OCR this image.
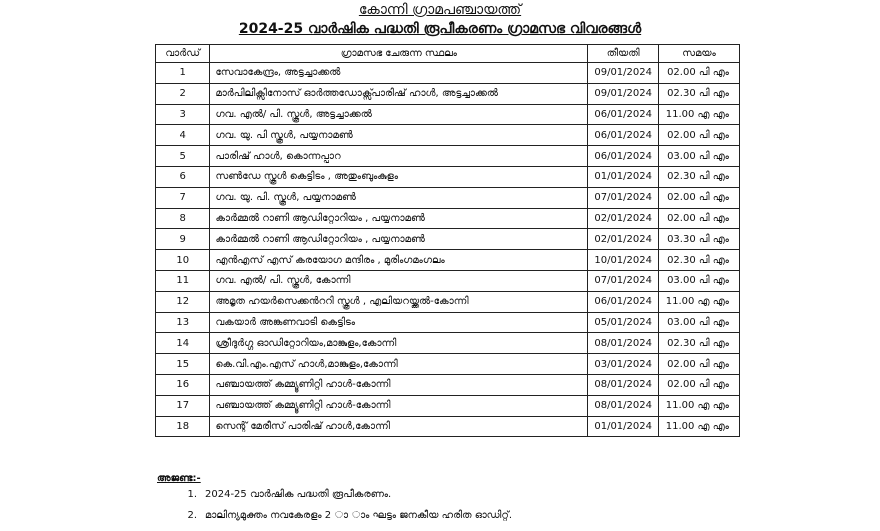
കോന്നി ഗ്രാമപഞ്ചായത്ത്
2024-25 വാർഷിക പദ്ധതി രൂപീകരണം ഗ്രാമസഭ വിവരങ്ങൾ
വാർഡ്	ഗ്രാമസഭ ചേരുന്ന സ്ഥലം	തീയതി	സമയം
1	സേവാകേന്ദ്രം, അട്ടച്ചാക്കൽ	09/01/2024	02.00 പി എം
2	മാർപിലിക്സിനോസ് ഓർത്തഡോക്സ്പാരിഷ് ഹാൾ, അട്ടച്ചാക്കൽ	09/01/2024	02.30 പി എം
3	ഗവ. എൽ/ പി. സ്കൂൾ, അട്ടച്ചാക്കൽ	06/01/2024	11.00 എ എം
4	ഗവ. യു. പി സ്കൂൾ, പയ്യനാമൺ	06/01/2024	02.00 പി എം
5	പാരിഷ് ഹാൾ, കൊന്നപ്പാറ	06/01/2024	03.00 പി എം
6	സൺഡേ സ്കൂൾ കെട്ടിടം , അതുംബുംകുളം	01/01/2024	02.30 പി എം
7	ഗവ. യു. പി. സ്കൂൾ, പയ്യനാമൺ	07/01/2024	02.00 പി എം
8	കാർമ്മൽ റാണി ആഡിറ്റോറിയം , പയ്യനാമൺ	02/01/2024	02.00 പി എം
9	കാർമ്മൽ റാണി ആഡിറ്റോറിയം , പയ്യനാമൺ	02/01/2024	03.30 പി എം
10	എൻഎസ് എസ് കരയോഗ മന്ദിരം , മുരിംഗമംഗലം	10/01/2024	02.30 പി എം
11	ഗവ. എൽ/ പി. സ്കൂൾ, കോന്നി	07/01/2024	03.00 പി എം
12	അമൃത ഹയർസെക്കൻററി സ്കൂൾ , എലിയറയ്ക്കൽ-കോന്നി	06/01/2024	11.00 എ എം
13	വകയാർ അങ്കണവാടി കെട്ടിടം	05/01/2024	03.00 പി എം
14	ശ്രീദുർഗ്ഗ ഓഡിറ്റോറിയം,മാങ്കുളം,കോന്നി	08/01/2024	02.30 പി എം
15	കെ.വി.എം.എസ് ഹാൾ,മാങ്കുളം,കോന്നി	03/01/2024	02.00 പി എം
16	പഞ്ചായത്ത് കമ്മ്യൂണിറ്റി ഹാൾ-കോന്നി	08/01/2024	02.00 പി എം
17	പഞ്ചായത്ത് കമ്മ്യൂണിറ്റി ഹാൾ-കോന്നി	08/01/2024	11.00 എ എം
18	സെന്റ് മേരീസ് പാരിഷ് ഹാൾ,കോന്നി	01/01/2024	11.00 എ എം
അജണ്ട:-
1. 2024-25 വാർഷിക പദ്ധതി രൂപീകരണം.
2. മാലിന്യമുക്തം നവകേരളം 2 ാ ാം ഘട്ടം ജനകീയ ഹരിത ഓഡിറ്റ്.
